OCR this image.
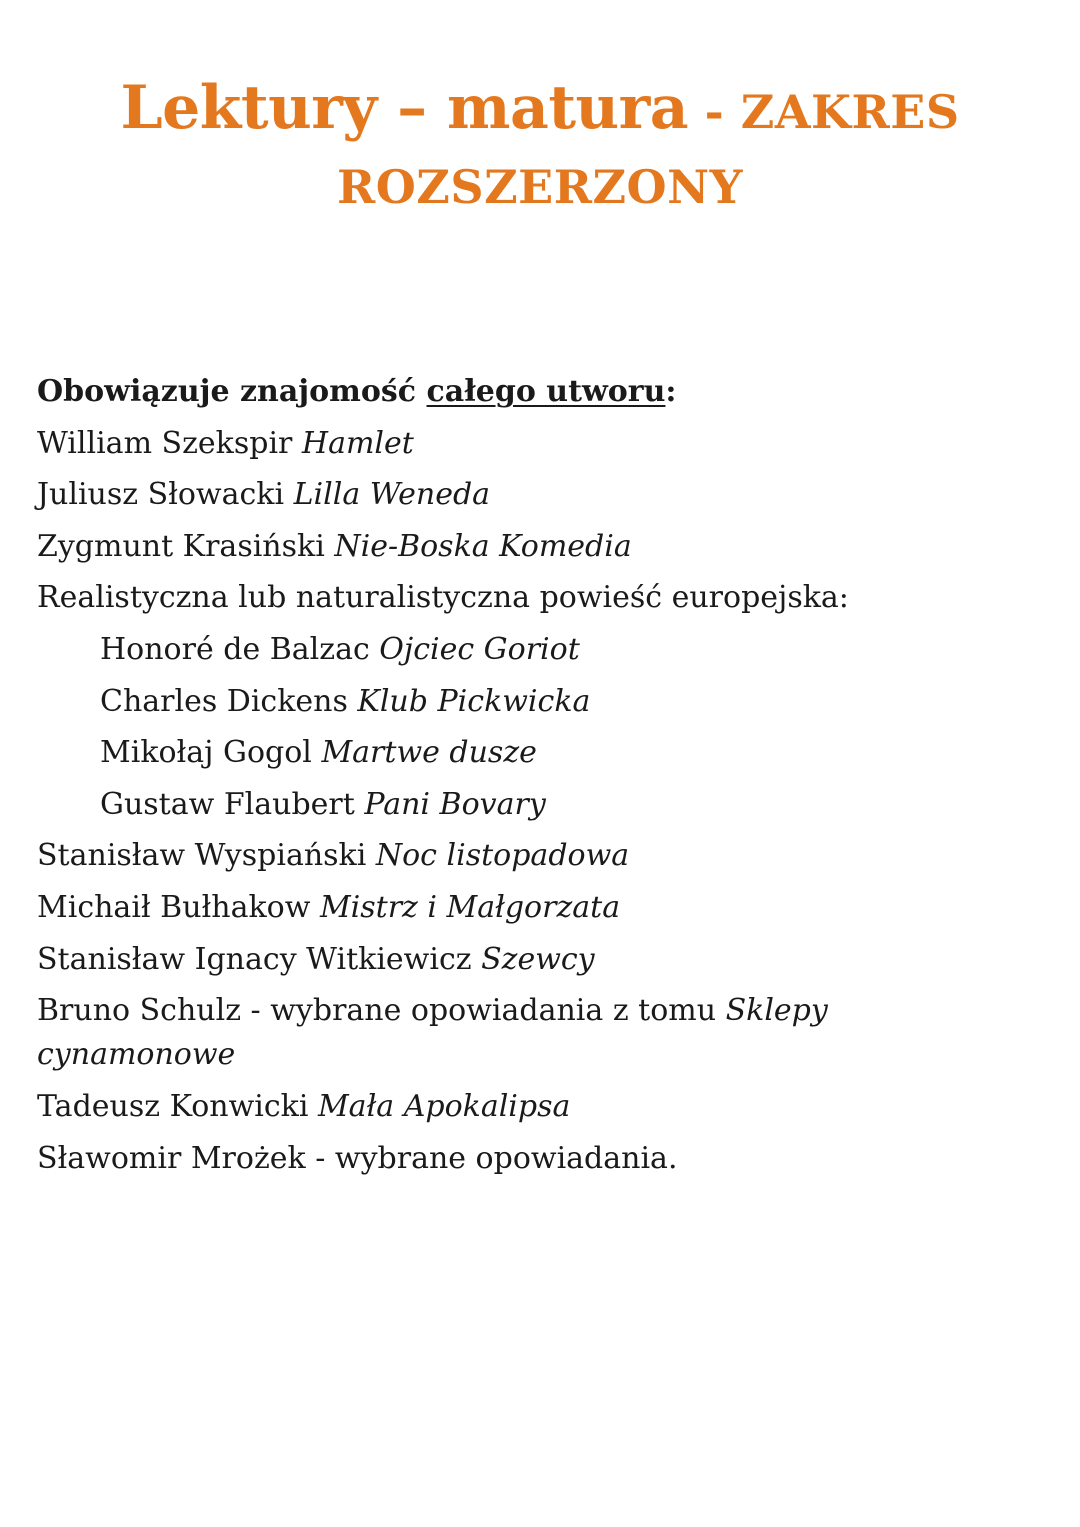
Lektury – matura - ZAKRES
ROZSZERZONY
Obowiązuje znajomość całego utworu:
William Szekspir Hamlet
Juliusz Słowacki Lilla Weneda
Zygmunt Krasiński Nie-Boska Komedia
Realistyczna lub naturalistyczna powieść europejska:
Honoré de Balzac Ojciec Goriot
Charles Dickens Klub Pickwicka
Mikołaj Gogol Martwe dusze
Gustaw Flaubert Pani Bovary
Stanisław Wyspiański Noc listopadowa
Michaił Bułhakow Mistrz i Małgorzata
Stanisław Ignacy Witkiewicz Szewcy
Bruno Schulz - wybrane opowiadania z tomu Sklepy cynamonowe
Tadeusz Konwicki Mała Apokalipsa
Sławomir Mrożek - wybrane opowiadania.
